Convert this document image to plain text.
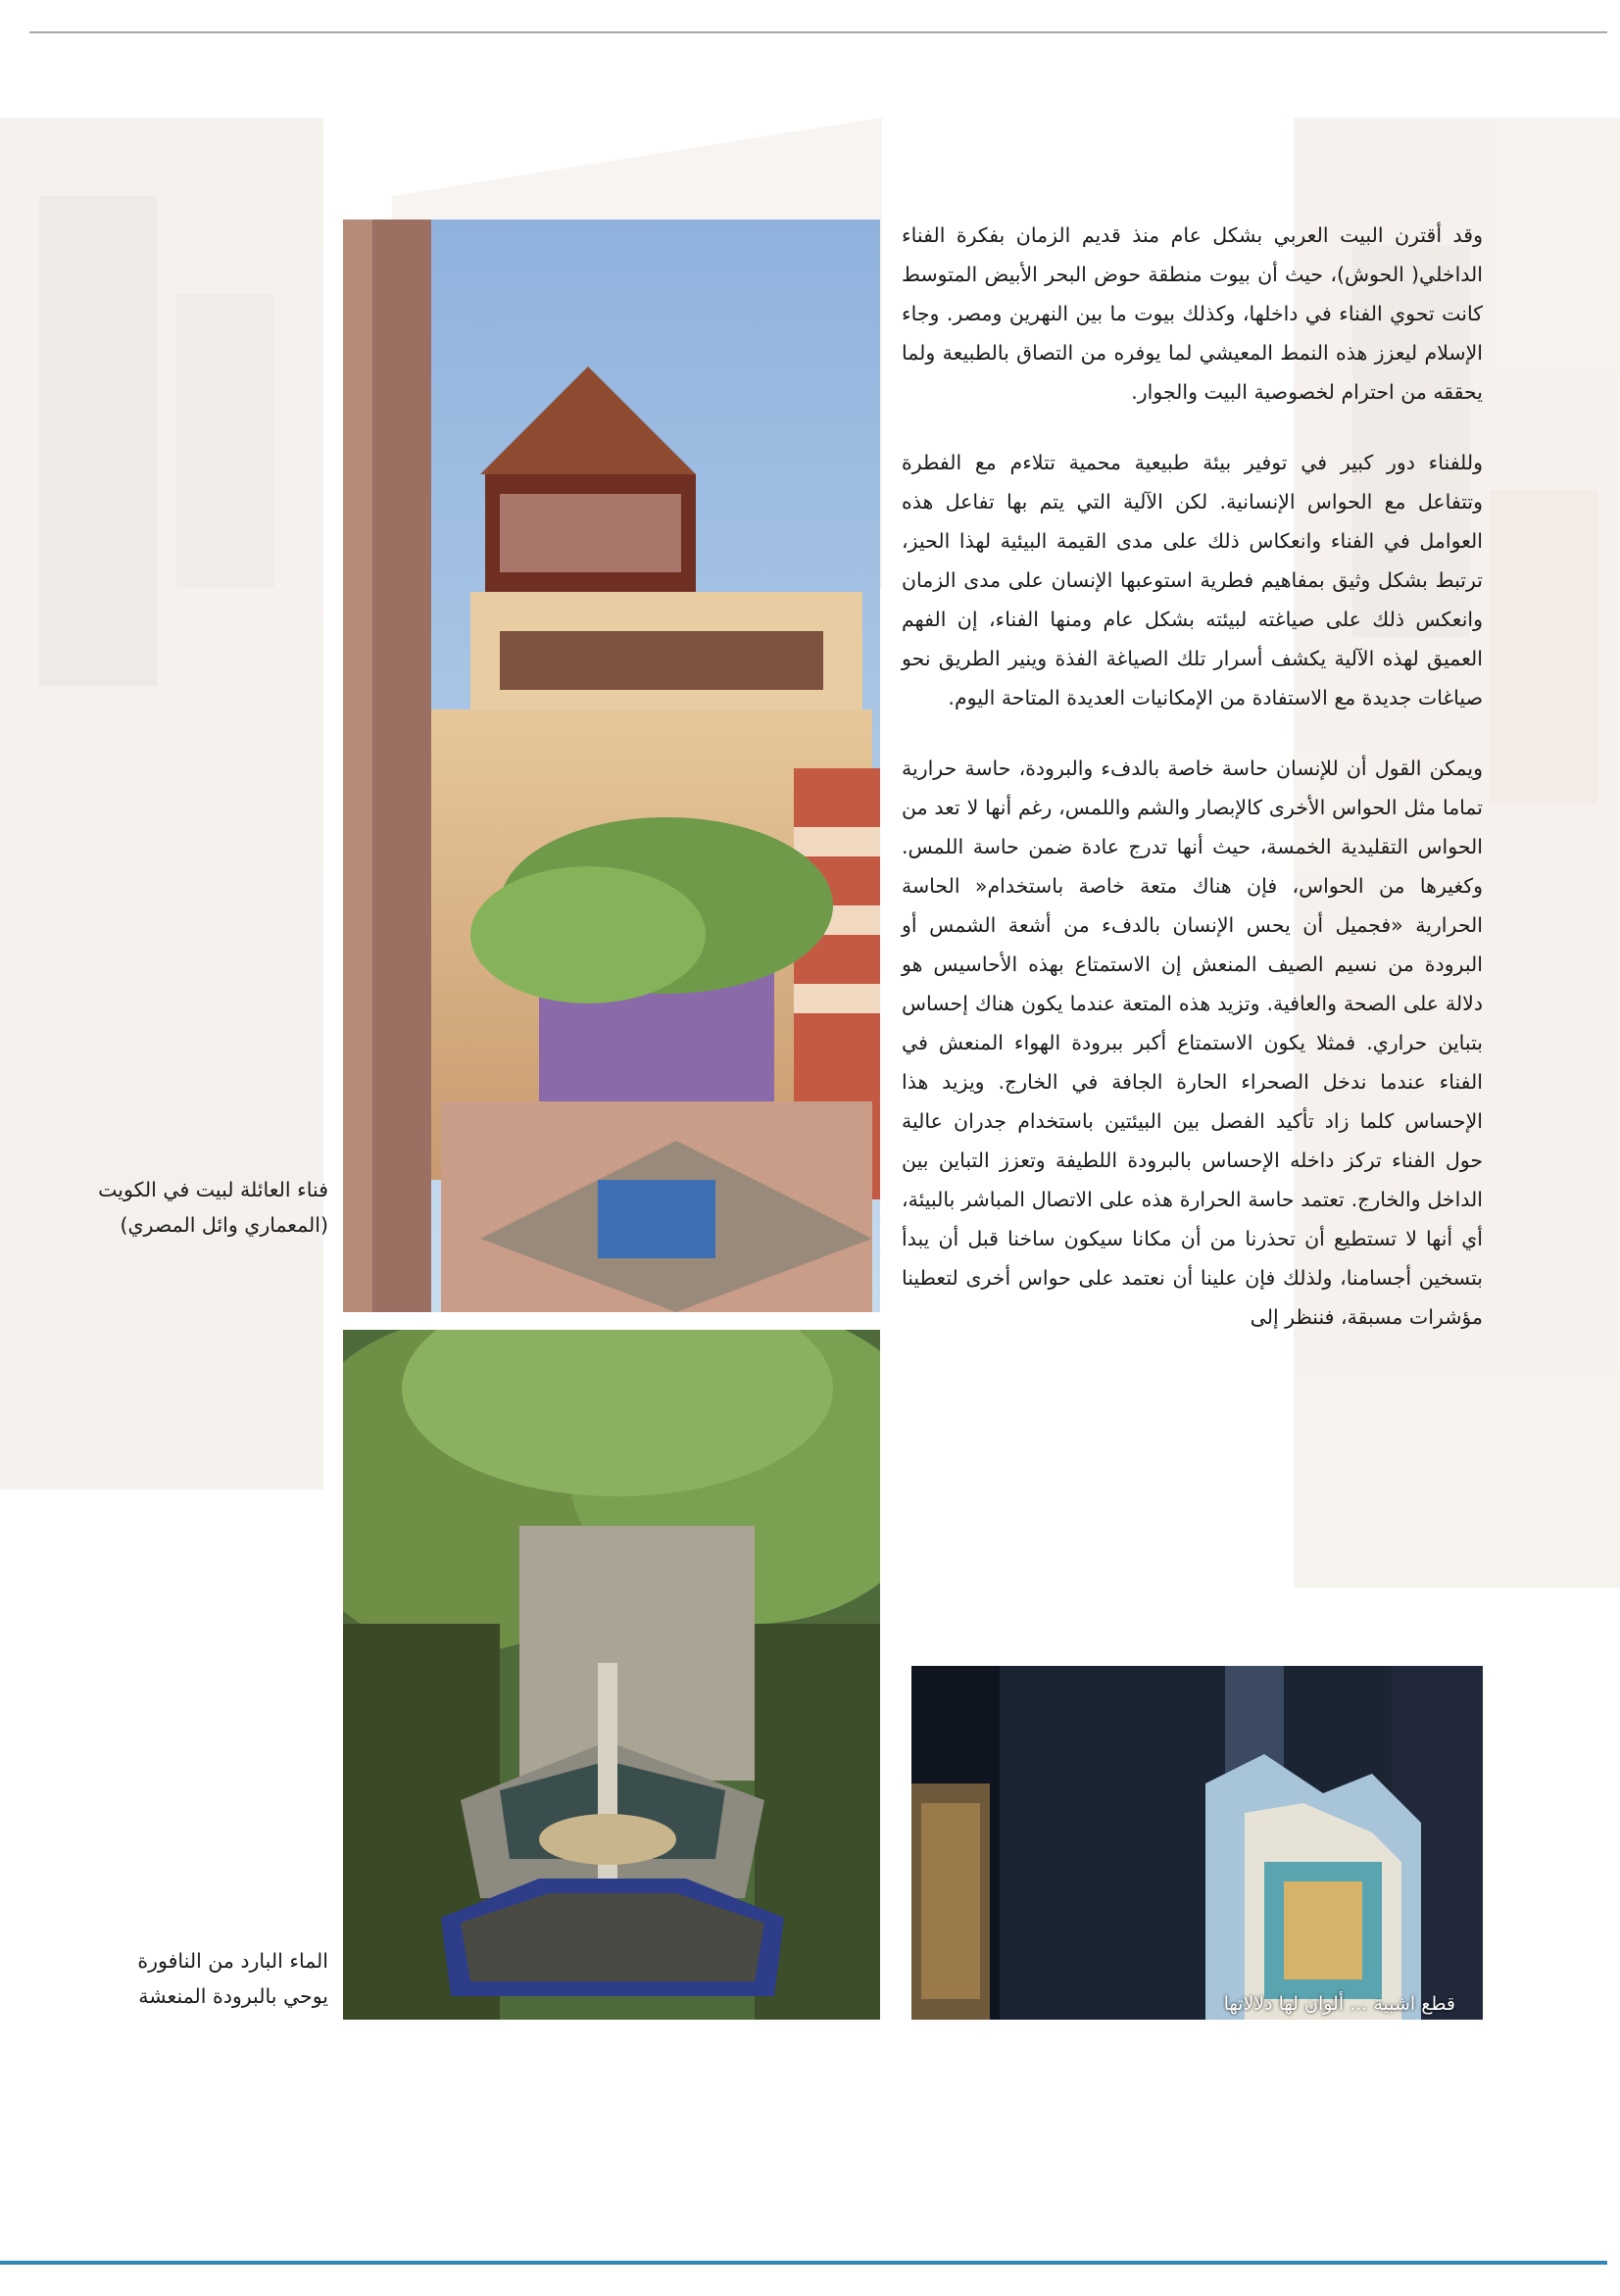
وقد أقترن البيت العربي بشكل عام منذ قديم الزمان بفكرة الفناء الداخلي( الحوش)، حيث أن بيوت منطقة حوض البحر الأبيض المتوسط كانت تحوي الفناء في داخلها، وكذلك بيوت ما بين النهرين ومصر. وجاء الإسلام ليعزز هذه النمط المعيشي لما يوفره من التصاق بالطبيعة ولما يحققه من احترام لخصوصية البيت والجوار.

وللفناء دور كبير في توفير بيئة طبيعية محمية تتلاءم مع الفطرة وتتفاعل مع الحواس الإنسانية. لكن الآلية التي يتم بها تفاعل هذه العوامل في الفناء وانعكاس ذلك على مدى القيمة البيئية لهذا الحيز، ترتبط بشكل وثيق بمفاهيم فطرية استوعبها الإنسان على مدى الزمان وانعكس ذلك على صياغته لبيئته بشكل عام ومنها الفناء، إن الفهم العميق لهذه الآلية يكشف أسرار تلك الصياغة الفذة وينير الطريق نحو صياغات جديدة مع الاستفادة من الإمكانيات العديدة المتاحة اليوم.

ويمكن القول أن للإنسان حاسة خاصة بالدفء والبرودة، حاسة حرارية تماما مثل الحواس الأخرى كالإبصار والشم واللمس، رغم أنها لا تعد من الحواس التقليدية الخمسة، حيث أنها تدرج عادة ضمن حاسة اللمس. وكغيرها من الحواس، فإن هناك متعة خاصة باستخدام« الحاسة الحرارية «فجميل أن يحس الإنسان بالدفء من أشعة الشمس أو البرودة من نسيم الصيف المنعش إن الاستمتاع بهذه الأحاسيس هو دلالة على الصحة والعافية. وتزيد هذه المتعة عندما يكون هناك إحساس بتباين حراري. فمثلا يكون الاستمتاع أكبر ببرودة الهواء المنعش في الفناء عندما ندخل الصحراء الحارة الجافة في الخارج. ويزيد هذا الإحساس كلما زاد تأكيد الفصل بين البيئتين باستخدام جدران عالية حول الفناء تركز داخله الإحساس بالبرودة اللطيفة وتعزز التباين بين الداخل والخارج. تعتمد حاسة الحرارة هذه على الاتصال المباشر بالبيئة، أي أنها لا تستطيع أن تحذرنا من أن مكانا سيكون ساخنا قبل أن يبدأ بتسخين أجسامنا، ولذلك فإن علينا أن نعتمد على حواس أخرى لتعطينا مؤشرات مسبقة، فننظر إلى

فناء العائلة لبيت في الكويت
(المعماري وائل المصري)
الماء البارد من النافورة
يوحي بالبرودة المنعشة	قطع اشبية ... ألوان لها دلالاتها
